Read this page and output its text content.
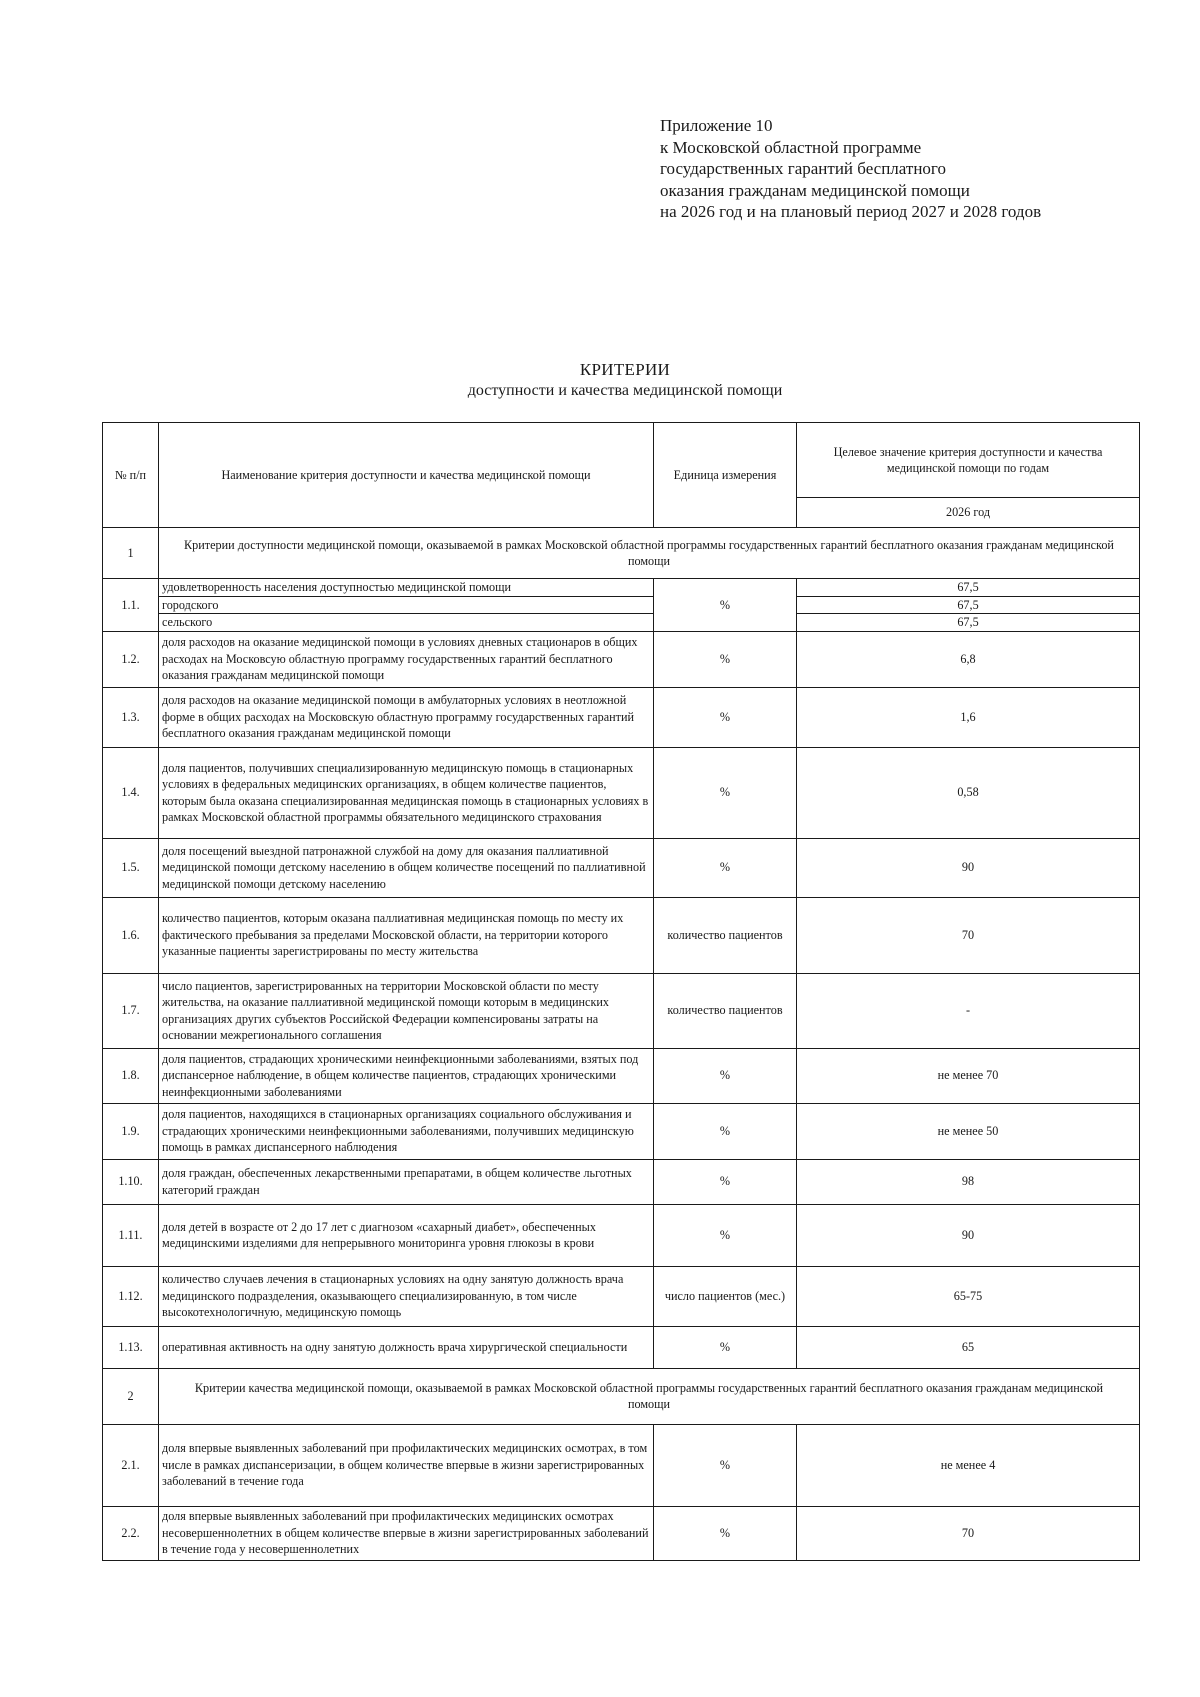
Приложение 10
к Московской областной программе
государственных гарантий бесплатного
оказания гражданам медицинской помощи
на 2026 год и на плановый период 2027 и 2028 годов
КРИТЕРИИ
доступности и качества медицинской помощи
№ п/п	Наименование критерия доступности и качества медицинской помощи	Единица измерения	Целевое значение критерия доступности и качества медицинской помощи по годам
			2026 год
1	Критерии доступности медицинской помощи, оказываемой в рамках Московской областной программы государственных гарантий бесплатного оказания гражданам медицинской помощи		
1.1.	удовлетворенность населения доступностью медицинской помощи	%	67,5
	городского		67,5
	сельского		67,5
1.2.	доля расходов на оказание медицинской помощи в условиях дневных стационаров в общих расходах на Московсую областную программу государственных гарантий бесплатного оказания гражданам медицинской помощи	%	6,8
1.3.	доля расходов на оказание медицинской помощи в амбулаторных условиях в неотложной форме в общих расходах на Московскую областную программу государственных гарантий бесплатного оказания гражданам медицинской помощи	%	1,6
1.4.	доля пациентов, получивших специализированную медицинскую помощь в стационарных условиях в федеральных медицинских организациях, в общем количестве пациентов, которым была оказана специализированная медицинская помощь в стационарных условиях в рамках Московской областной программы обязательного медицинского страхования	%	0,58
1.5.	доля посещений выездной патронажной службой на дому для оказания паллиативной медицинской помощи детскому населению в общем количестве посещений по паллиативной медицинской помощи детскому населению	%	90
1.6.	количество пациентов, которым оказана паллиативная медицинская помощь по месту их фактического пребывания за пределами Московской области, на территории которого указанные пациенты зарегистрированы по месту жительства	количество пациентов	70
1.7.	число пациентов, зарегистрированных на территории Московской области по месту жительства, на оказание паллиативной медицинской помощи которым в медицинских организациях других субъектов Российской Федерации компенсированы затраты на основании межрегионального соглашения	количество пациентов	-
1.8.	доля пациентов, страдающих хроническими неинфекционными заболеваниями, взятых под диспансерное наблюдение, в общем количестве пациентов, страдающих хроническими неинфекционными заболеваниями	%	не менее 70
1.9.	доля пациентов, находящихся в стационарных организациях социального обслуживания и страдающих хроническими неинфекционными заболеваниями, получивших медицинскую помощь в рамках диспансерного наблюдения	%	не менее 50
1.10.	доля граждан, обеспеченных лекарственными препаратами, в общем количестве льготных категорий граждан	%	98
1.11.	доля детей в возрасте от 2 до 17 лет с диагнозом «сахарный диабет», обеспеченных медицинскими изделиями для непрерывного мониторинга уровня глюкозы в крови	%	90
1.12.	количество случаев лечения в стационарных условиях на одну занятую должность врача медицинского подразделения, оказывающего специализированную, в том числе высокотехнологичную, медицинскую помощь	число пациентов (мес.)	65-75
1.13.	оперативная активность на одну занятую должность врача хирургической специальности	%	65
2	Критерии качества медицинской помощи, оказываемой в рамках Московской областной программы государственных гарантий бесплатного оказания гражданам медицинской помощи		
2.1.	доля впервые выявленных заболеваний при профилактических медицинских осмотрах, в том числе в рамках диспансеризации, в общем количестве впервые в жизни зарегистрированных заболеваний в течение года	%	не менее 4
2.2.	доля впервые выявленных заболеваний при профилактических медицинских осмотрах несовершеннолетних в общем количестве впервые в жизни зарегистрированных заболеваний в течение года у несовершеннолетних	%	70
